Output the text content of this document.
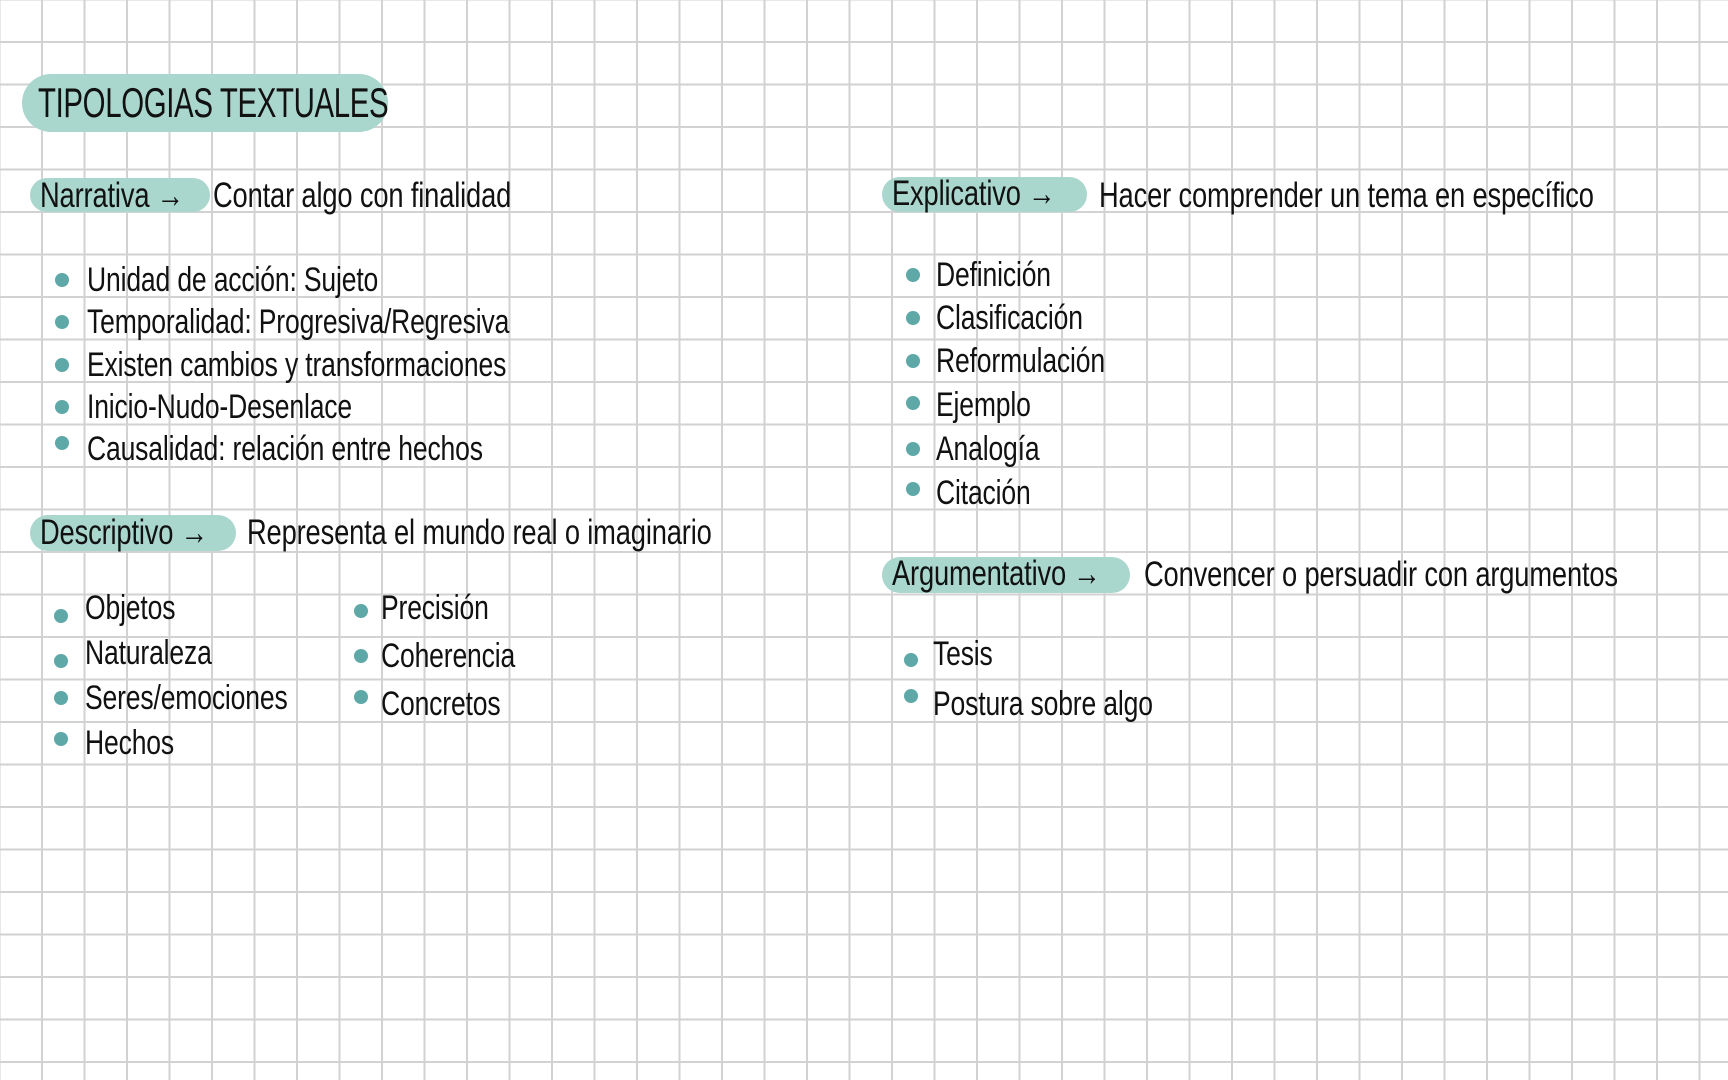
TIPOLOGIAS TEXTUALES
Narrativa → Contar algo con finalidad
Unidad de acción: Sujeto
Temporalidad: Progresiva/Regresiva
Existen cambios y transformaciones
Inicio-Nudo-Desenlace
Causalidad: relación entre hechos
Descriptivo →	Representa el mundo real o imaginario
Objetos
Naturaleza
Seres/emociones
Hechos
Precisión
Coherencia
Concretos
Explicativo →	Hacer comprender un tema en específico
Definición
Clasificación
Reformulación
Ejemplo
Analogía
Citación
Argumentativo →	Convencer o persuadir con argumentos
Tesis
Postura sobre algo
